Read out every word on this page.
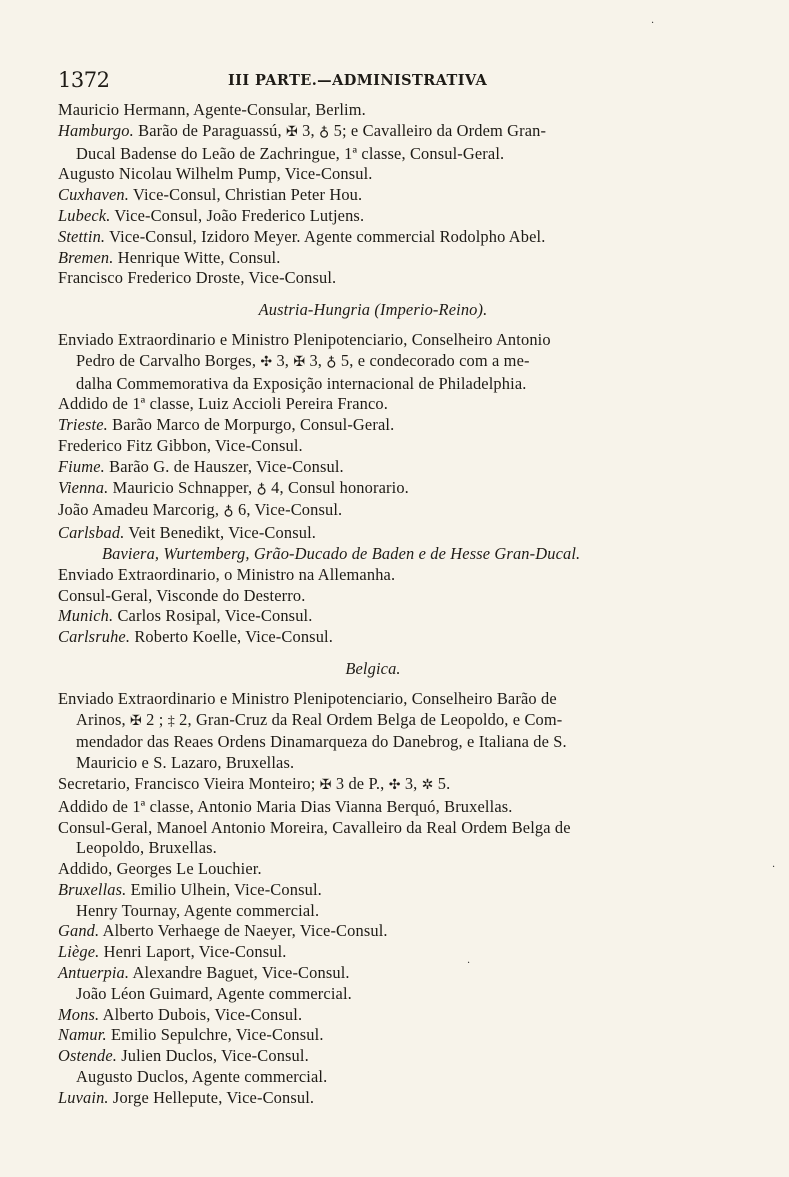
1372	III PARTE.—ADMINISTRATIVA
Mauricio Hermann, Agente-Consular, Berlim.
Hamburgo. Barão de Paraguassú, ✠ 3, ♁ 5; e Cavalleiro da Ordem Gran-
Ducal Badense do Leão de Zachringue, 1ª classe, Consul-Geral.
Augusto Nicolau Wilhelm Pump, Vice-Consul.
Cuxhaven. Vice-Consul, Christian Peter Hou.
Lubeck. Vice-Consul, João Frederico Lutjens.
Stettin. Vice-Consul, Izidoro Meyer. Agente commercial Rodolpho Abel.
Bremen. Henrique Witte, Consul.
Francisco Frederico Droste, Vice-Consul.
Austria-Hungria (Imperio-Reino).
Enviado Extraordinario e Ministro Plenipotenciario, Conselheiro Antonio
Pedro de Carvalho Borges, ✣ 3, ✠ 3, ♁ 5, e condecorado com a me-
dalha Commemorativa da Exposição internacional de Philadelphia.
Addido de 1ª classe, Luiz Accioli Pereira Franco.
Trieste. Barão Marco de Morpurgo, Consul-Geral.
Frederico Fitz Gibbon, Vice-Consul.
Fiume. Barão G. de Hauszer, Vice-Consul.
Vienna. Mauricio Schnapper, ♁ 4, Consul honorario.
João Amadeu Marcorig, ♁ 6, Vice-Consul.
Carlsbad. Veit Benedikt, Vice-Consul.
Baviera, Wurtemberg, Grão-Ducado de Baden e de Hesse Gran-Ducal.
Enviado Extraordinario, o Ministro na Allemanha.
Consul-Geral, Visconde do Desterro.
Munich. Carlos Rosipal, Vice-Consul.
Carlsruhe. Roberto Koelle, Vice-Consul.
Belgica.
Enviado Extraordinario e Ministro Plenipotenciario, Conselheiro Barão de
Arinos, ✠ 2 ; ‡ 2, Gran-Cruz da Real Ordem Belga de Leopoldo, e Com-
mendador das Reaes Ordens Dinamarqueza do Danebrog, e Italiana de S.
Mauricio e S. Lazaro, Bruxellas.
Secretario, Francisco Vieira Monteiro; ✠ 3 de P., ✣ 3, ✲ 5.
Addido de 1ª classe, Antonio Maria Dias Vianna Berquó, Bruxellas.
Consul-Geral, Manoel Antonio Moreira, Cavalleiro da Real Ordem Belga de
Leopoldo, Bruxellas.
Addido, Georges Le Louchier.
Bruxellas. Emilio Ulhein, Vice-Consul.
Henry Tournay, Agente commercial.
Gand. Alberto Verhaege de Naeyer, Vice-Consul.
Liège. Henri Laport, Vice-Consul.
Antuerpia. Alexandre Baguet, Vice-Consul.
João Léon Guimard, Agente commercial.
Mons. Alberto Dubois, Vice-Consul.
Namur. Emilio Sepulchre, Vice-Consul.
Ostende. Julien Duclos, Vice-Consul.
Augusto Duclos, Agente commercial.
Luvain. Jorge Hellepute, Vice-Consul.
·
·
·
